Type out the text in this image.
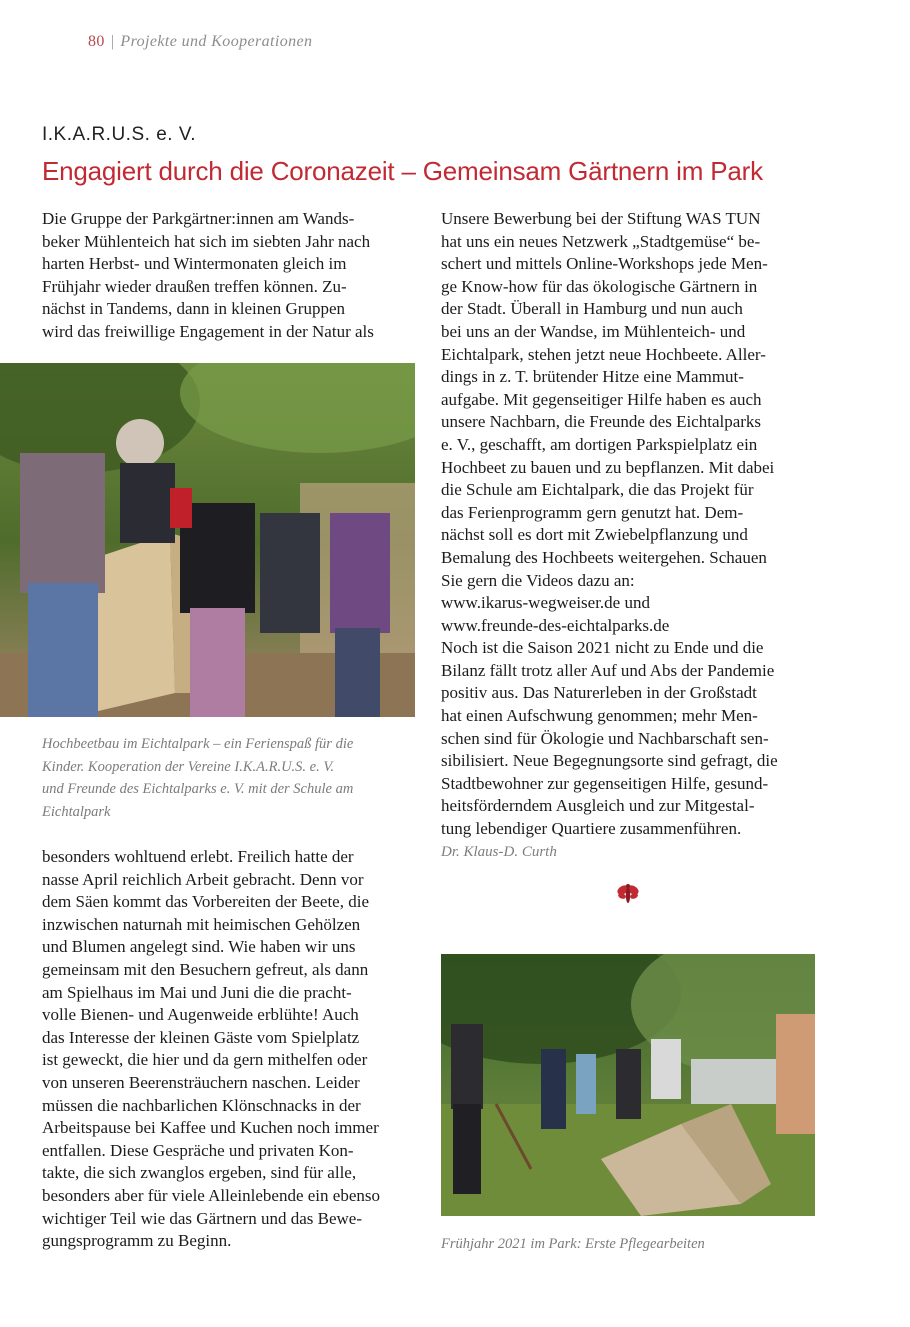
80 | Projekte und Kooperationen
I.K.A.R.U.S. e. V.
Engagiert durch die Coronazeit – Gemeinsam Gärtnern im Park
Die Gruppe der Parkgärtner:innen am Wands-
beker Mühlenteich hat sich im siebten Jahr nach
harten Herbst- und Wintermonaten gleich im
Frühjahr wieder draußen treffen können. Zu-
nächst in Tandems, dann in kleinen Gruppen
wird das freiwillige Engagement in der Natur als
Hochbeetbau im Eichtalpark – ein Ferienspaß für die
Kinder. Kooperation der Vereine I.K.A.R.U.S. e. V.
und Freunde des Eichtalparks e. V. mit der Schule am
Eichtalpark
besonders wohltuend erlebt. Freilich hatte der
nasse April reichlich Arbeit gebracht. Denn vor
dem Säen kommt das Vorbereiten der Beete, die
inzwischen naturnah mit heimischen Gehölzen
und Blumen angelegt sind. Wie haben wir uns
gemeinsam mit den Besuchern gefreut, als dann
am Spielhaus im Mai und Juni die die pracht-
volle Bienen- und Augenweide erblühte! Auch
das Interesse der kleinen Gäste vom Spielplatz
ist geweckt, die hier und da gern mithelfen oder
von unseren Beerensträuchern naschen. Leider
müssen die nachbarlichen Klönschnacks in der
Arbeitspause bei Kaffee und Kuchen noch immer
entfallen. Diese Gespräche und privaten Kon-
takte, die sich zwanglos ergeben, sind für alle,
besonders aber für viele Alleinlebende ein ebenso
wichtiger Teil wie das Gärtnern und das Bewe-
gungsprogramm zu Beginn.
Unsere Bewerbung bei der Stiftung WAS TUN
hat uns ein neues Netzwerk „Stadtgemüse“ be-
schert und mittels Online-Workshops jede Men-
ge Know-how für das ökologische Gärtnern in
der Stadt. Überall in Hamburg und nun auch
bei uns an der Wandse, im Mühlenteich- und
Eichtalpark, stehen jetzt neue Hochbeete. Aller-
dings in z. T. brütender Hitze eine Mammut-
aufgabe. Mit gegenseitiger Hilfe haben es auch
unsere Nachbarn, die Freunde des Eichtalparks
e. V., geschafft, am dortigen Parkspielplatz ein
Hochbeet zu bauen und zu bepflanzen. Mit dabei
die Schule am Eichtalpark, die das Projekt für
das Ferienprogramm gern genutzt hat. Dem-
nächst soll es dort mit Zwiebelpflanzung und
Bemalung des Hochbeets weitergehen. Schauen
Sie gern die Videos dazu an:
www.ikarus-wegweiser.de und
www.freunde-des-eichtalparks.de
Noch ist die Saison 2021 nicht zu Ende und die
Bilanz fällt trotz aller Auf und Abs der Pandemie
positiv aus. Das Naturerleben in der Großstadt
hat einen Aufschwung genommen; mehr Men-
schen sind für Ökologie und Nachbarschaft sen-
sibilisiert. Neue Begegnungsorte sind gefragt, die
Stadtbewohner zur gegenseitigen Hilfe, gesund-
heitsförderndem Ausgleich und zur Mitgestal-
tung lebendiger Quartiere zusammenführen.
Dr. Klaus-D. Curth
Frühjahr 2021 im Park: Erste Pflegearbeiten
